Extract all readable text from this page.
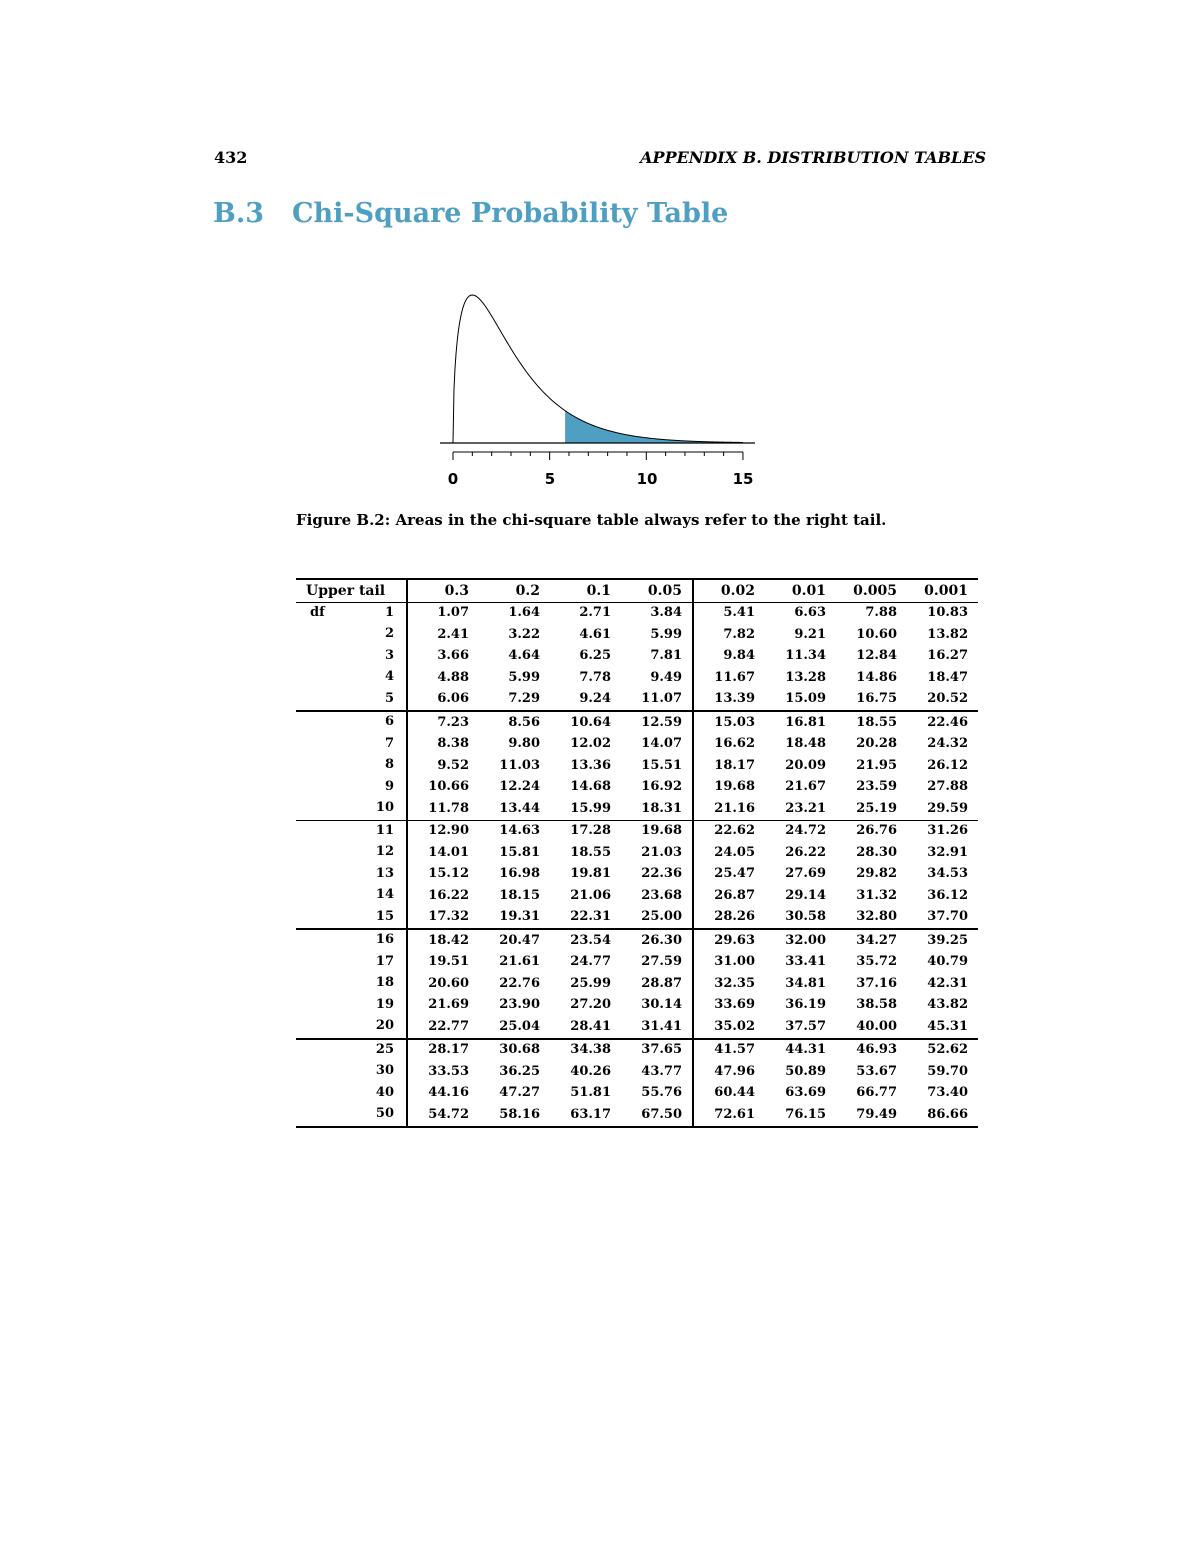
432	APPENDIX B. DISTRIBUTION TABLES
B.3 Chi-Square Probability Table
0	5	10	15
Figure B.2: Areas in the chi-square table always refer to the right tail.
Upper tail	0.3	0.2	0.1	0.05	0.02	0.01	0.005	0.001

df 1	1.07	1.64	2.71	3.84	5.41	6.63	7.88	10.83

2	2.41	3.22	4.61	5.99	7.82	9.21	10.60	13.82

3	3.66	4.64	6.25	7.81	9.84	11.34	12.84	16.27

4	4.88	5.99	7.78	9.49	11.67	13.28	14.86	18.47

5	6.06	7.29	9.24	11.07	13.39	15.09	16.75	20.52

6	7.23	8.56	10.64	12.59	15.03	16.81	18.55	22.46

7	8.38	9.80	12.02	14.07	16.62	18.48	20.28	24.32

8	9.52	11.03	13.36	15.51	18.17	20.09	21.95	26.12

9	10.66	12.24	14.68	16.92	19.68	21.67	23.59	27.88

10	11.78	13.44	15.99	18.31	21.16	23.21	25.19	29.59

11	12.90	14.63	17.28	19.68	22.62	24.72	26.76	31.26

12	14.01	15.81	18.55	21.03	24.05	26.22	28.30	32.91

13	15.12	16.98	19.81	22.36	25.47	27.69	29.82	34.53

14	16.22	18.15	21.06	23.68	26.87	29.14	31.32	36.12

15	17.32	19.31	22.31	25.00	28.26	30.58	32.80	37.70

16	18.42	20.47	23.54	26.30	29.63	32.00	34.27	39.25

17	19.51	21.61	24.77	27.59	31.00	33.41	35.72	40.79

18	20.60	22.76	25.99	28.87	32.35	34.81	37.16	42.31

19	21.69	23.90	27.20	30.14	33.69	36.19	38.58	43.82

20	22.77	25.04	28.41	31.41	35.02	37.57	40.00	45.31

25	28.17	30.68	34.38	37.65	41.57	44.31	46.93	52.62

30	33.53	36.25	40.26	43.77	47.96	50.89	53.67	59.70

40	44.16	47.27	51.81	55.76	60.44	63.69	66.77	73.40

50	54.72	58.16	63.17	67.50	72.61	76.15	79.49	86.66
